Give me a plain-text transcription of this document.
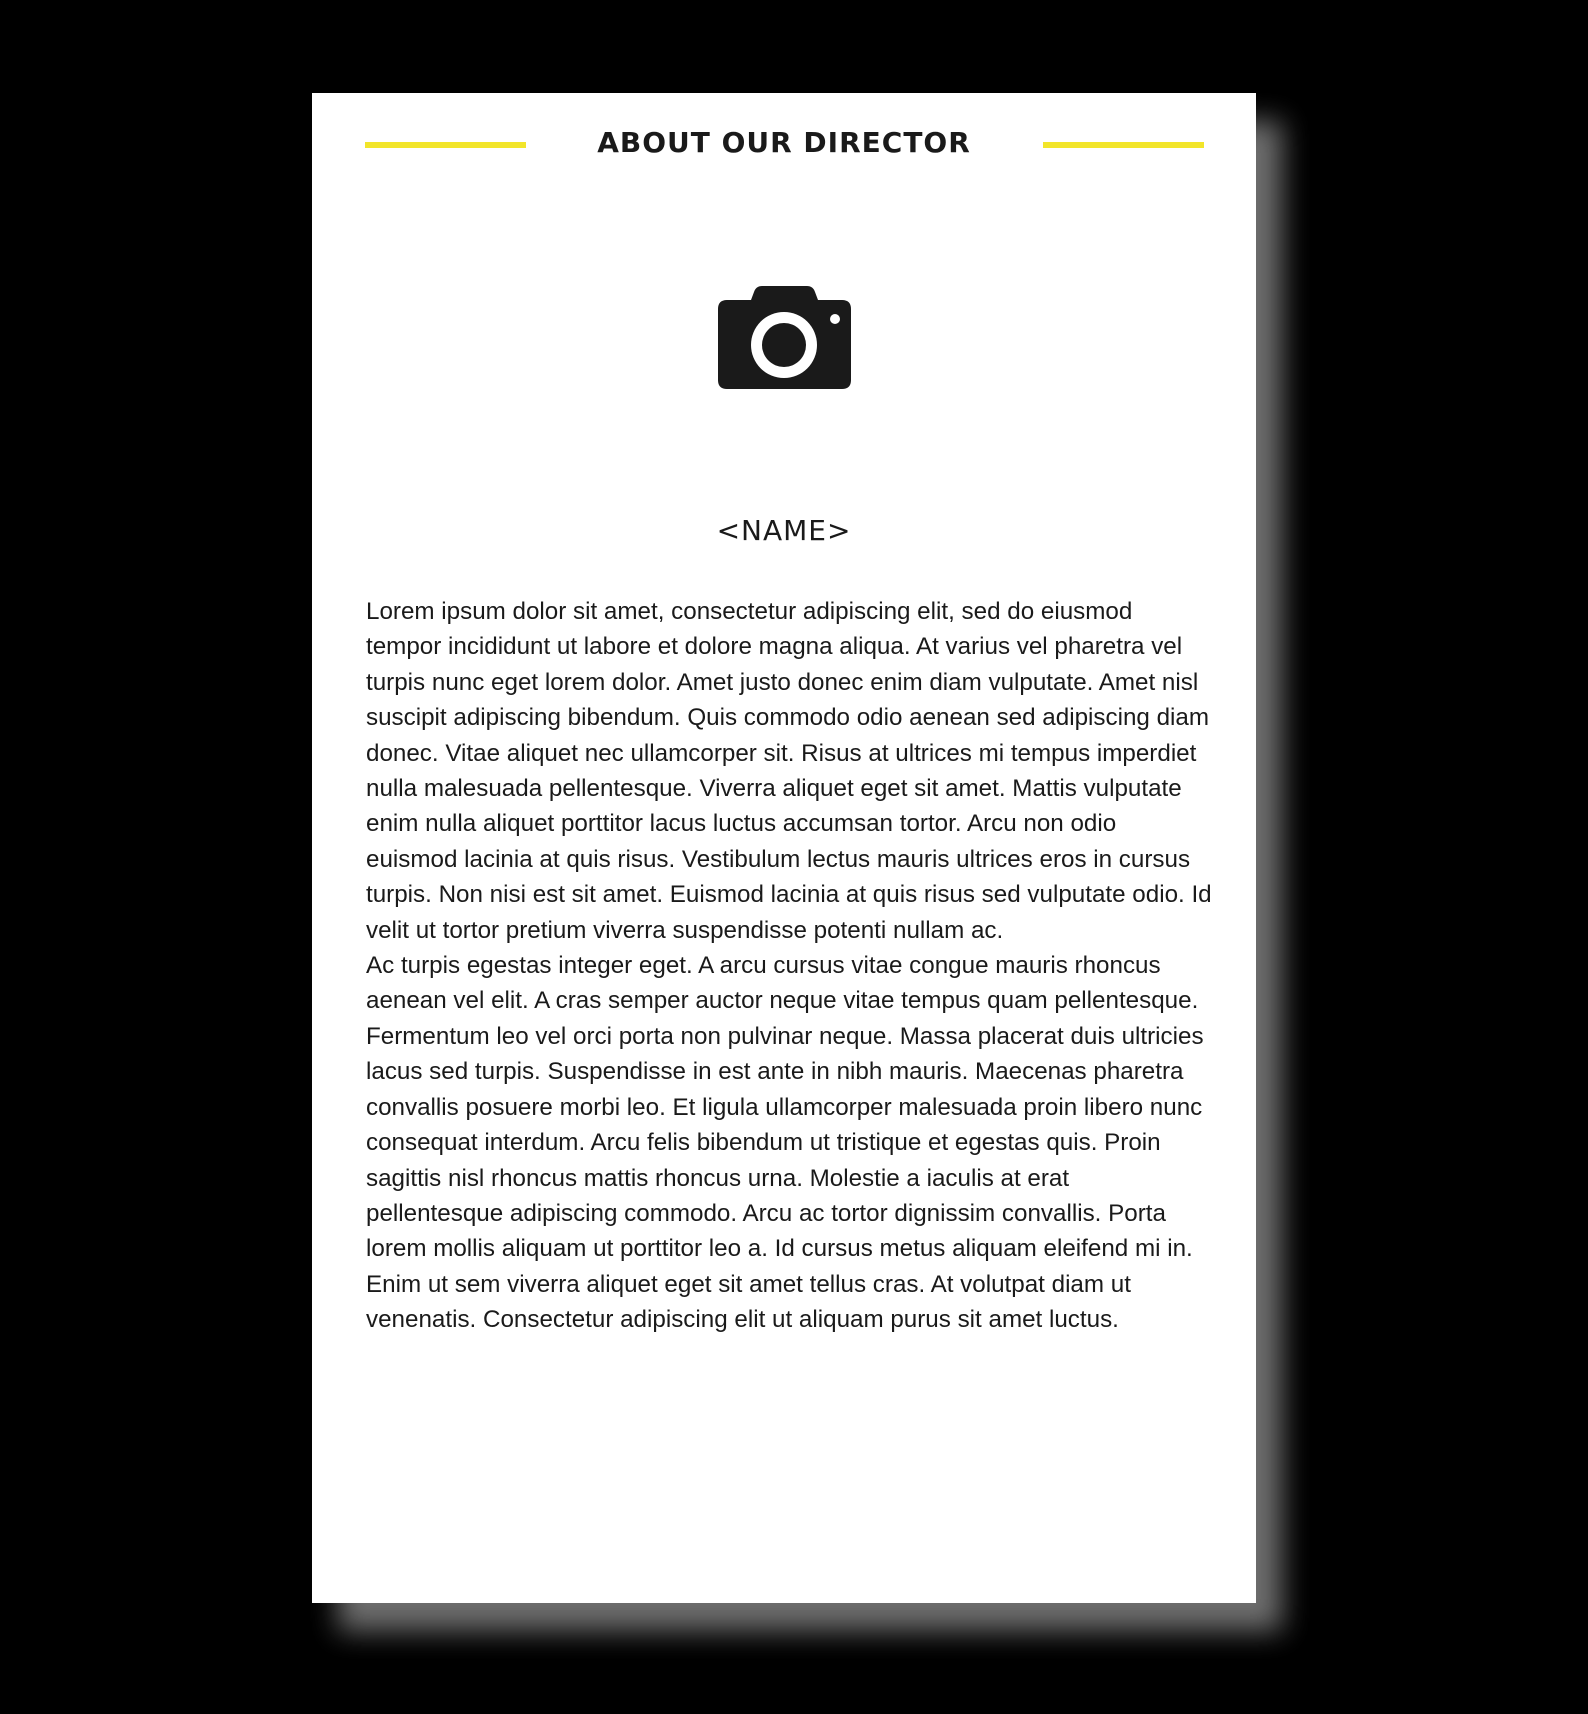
ABOUT OUR DIRECTOR
<NAME>

Lorem ipsum dolor sit amet, consectetur adipiscing elit, sed do eiusmod tempor incididunt ut labore et dolore magna aliqua. At varius vel pharetra vel turpis nunc eget lorem dolor. Amet justo donec enim diam vulputate. Amet nisl suscipit adipiscing bibendum. Quis commodo odio aenean sed adipiscing diam donec. Vitae aliquet nec ullamcorper sit. Risus at ultrices mi tempus imperdiet nulla malesuada pellentesque. Viverra aliquet eget sit amet. Mattis vulputate enim nulla aliquet porttitor lacus luctus accumsan tortor. Arcu non odio euismod lacinia at quis risus. Vestibulum lectus mauris ultrices eros in cursus turpis. Non nisi est sit amet. Euismod lacinia at quis risus sed vulputate odio. Id velit ut tortor pretium viverra suspendisse potenti nullam ac.

Ac turpis egestas integer eget. A arcu cursus vitae congue mauris rhoncus aenean vel elit. A cras semper auctor neque vitae tempus quam pellentesque. Fermentum leo vel orci porta non pulvinar neque. Massa placerat duis ultricies lacus sed turpis. Suspendisse in est ante in nibh mauris. Maecenas pharetra convallis posuere morbi leo. Et ligula ullamcorper malesuada proin libero nunc consequat interdum. Arcu felis bibendum ut tristique et egestas quis. Proin sagittis nisl rhoncus mattis rhoncus urna. Molestie a iaculis at erat pellentesque adipiscing commodo. Arcu ac tortor dignissim convallis. Porta lorem mollis aliquam ut porttitor leo a. Id cursus metus aliquam eleifend mi in. Enim ut sem viverra aliquet eget sit amet tellus cras. At volutpat diam ut venenatis. Consectetur adipiscing elit ut aliquam purus sit amet luctus.
